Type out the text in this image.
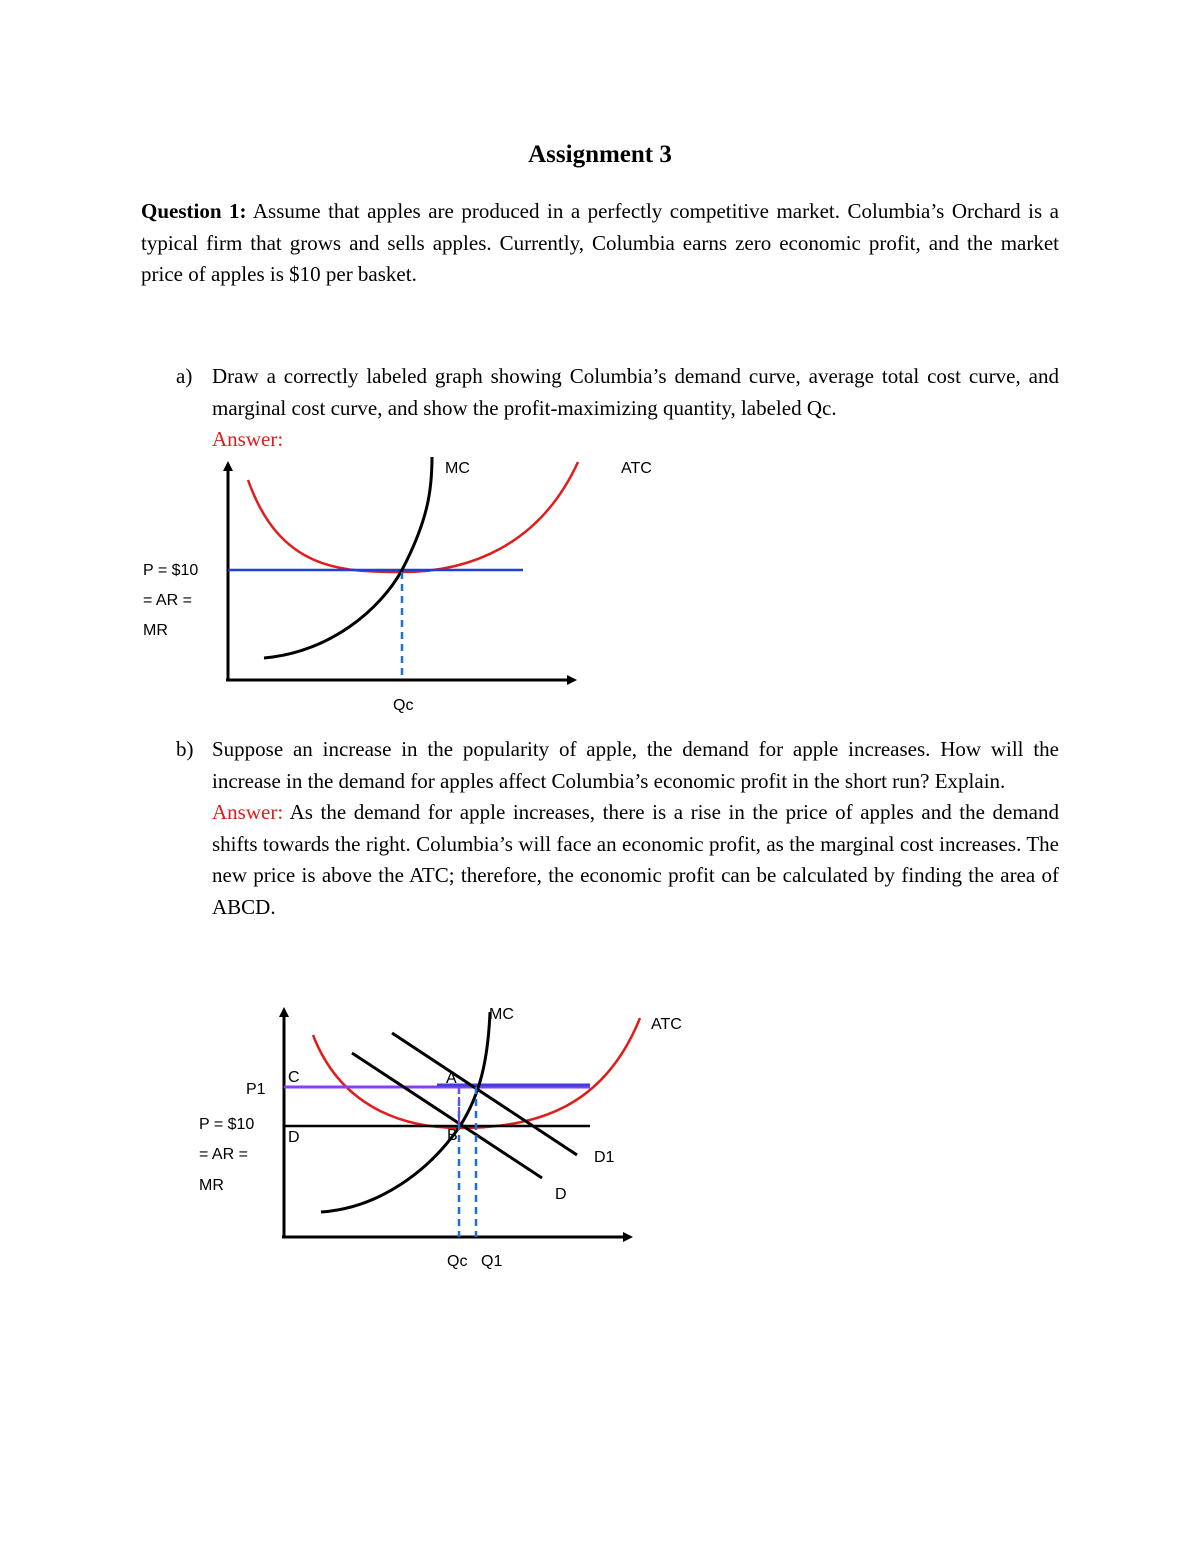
Assignment 3
Question 1: Assume that apples are produced in a perfectly competitive market. Columbia’s Orchard is a typical firm that grows and sells apples. Currently, Columbia earns zero economic profit, and the market price of apples is $10 per basket.
a) Draw a correctly labeled graph showing Columbia’s demand curve, average total cost curve, and marginal cost curve, and show the profit-maximizing quantity, labeled Qc.
Answer:
b) Suppose an increase in the popularity of apple, the demand for apple increases. How will the increase in the demand for apples affect Columbia’s economic profit in the short run? Explain.
Answer: As the demand for apple increases, there is a rise in the price of apples and the demand shifts towards the right. Columbia’s will face an economic profit, as the marginal cost increases. The new price is above the ATC; therefore, the economic profit can be calculated by finding the area of ABCD.
MC	ATC
P = $10
= AR =
MR
Qc
MC
ATC
P1
P = $10
= AR =
MR
A
B
C
D
D1
D
Qc Q1
